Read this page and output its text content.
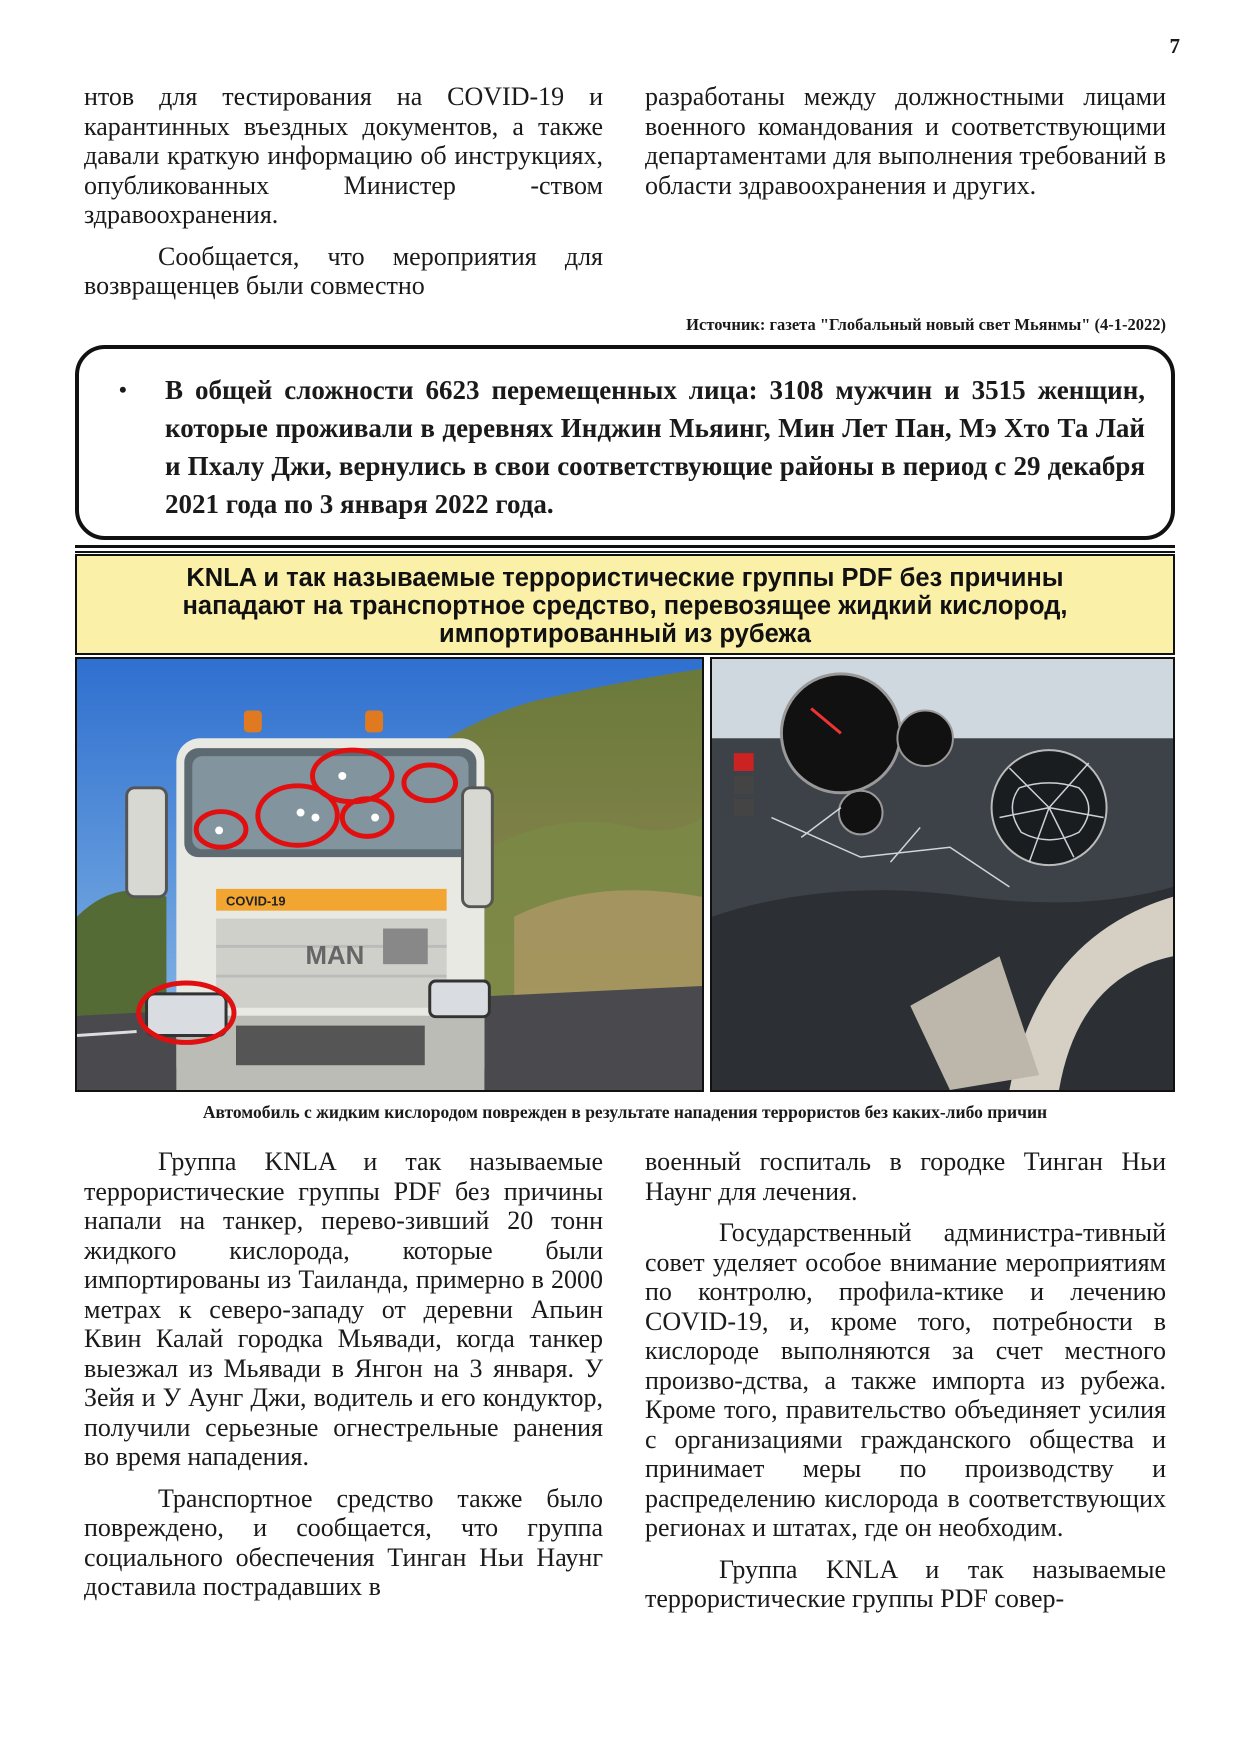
7

нтов для тестирования на COVID-19 и карантинных въездных документов, а также давали краткую информацию об инструкциях, опубликованных Министер -ством здравоохранения.

Сообщается, что мероприятия для возвращенцев были совместно

разработаны между должностными лицами военного командования и соответствующими департаментами для выполнения требований в области здравоохранения и других.

Источник: газета "Глобальный новый свет Мьянмы" (4-1-2022)
• В общей сложности 6623 перемещенных лица: 3108 мужчин и 3515 женщин, которые проживали в деревнях Инджин Мьяинг, Мин Лет Пан, Мэ Хто Та Лай и Пхалу Джи, вернулись в свои соответствующие районы в период с 29 декабря 2021 года по 3 января 2022 года.
KNLA и так называемые террористические группы PDF без причины
нападают на транспортное средство, перевозящее жидкий кислород,
импортированный из рубежа
COVID-19
MAN
Автомобиль с жидким кислородом поврежден в результате нападения террористов без каких-либо причин

Группа KNLA и так называемые террористические группы PDF без причины напали на танкер, перево-зивший 20 тонн жидкого кислорода, которые были импортированы из Таиланда, примерно в 2000 метрах к северо-западу от деревни Апьин Квин Калай городка Мьявади, когда танкер выезжал из Мьявади в Янгон на 3 января. У Зейя и У Аунг Джи, водитель и его кондуктор, получили серьезные огнестрельные ранения во время нападения.

Транспортное средство также было повреждено, и сообщается, что группа социального обеспечения Тинган Ньи Наунг доставила пострадавших в

военный госпиталь в городке Тинган Ньи Наунг для лечения.

Государственный администра-тивный совет уделяет особое внимание мероприятиям по контролю, профила-ктике и лечению COVID-19, и, кроме того, потребности в кислороде выполняются за счет местного произво-дства, а также импорта из рубежа. Кроме того, правительство объединяет усилия с организациями гражданского общества и принимает меры по производству и распределению кислорода в соответствующих регионах и штатах, где он необходим.

Группа KNLA и так называемые террористические группы PDF совер-
